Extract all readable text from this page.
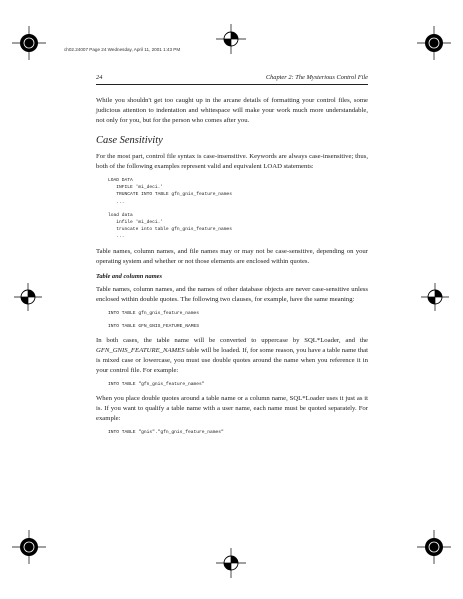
ch02.24007 Page 24 Wednesday, April 11, 2001 1:43 PM
24	Chapter 2: The Mysterious Control File

While you shouldn't get too caught up in the arcane details of formatting your control files, some judicious attention to indentation and whitespace will make your work much more understandable, not only for you, but for the person who comes after you.

Case Sensitivity

For the most part, control file syntax is case-insensitive. Keywords are always case-insensitive; thus, both of the following examples represent valid and equivalent LOAD statements:

LOAD DATA
INFILE 'mi_deci.'
TRUNCATE INTO TABLE gfn_gnis_feature_names
...
load data
infile 'mi_deci.'
truncate into table gfn_gnis_feature_names
...

Table names, column names, and file names may or may not be case-sensitive, depending on your operating system and whether or not those elements are enclosed within quotes.

Table and column names

Table names, column names, and the names of other database objects are never case-sensitive unless enclosed within double quotes. The following two clauses, for example, have the same meaning:

INTO TABLE gfn_gnis_feature_names
INTO TABLE GFN_GNIS_FEATURE_NAMES

In both cases, the table name will be converted to uppercase by SQL*Loader, and the GFN_GNIS_FEATURE_NAMES table will be loaded. If, for some reason, you have a table name that is mixed case or lowercase, you must use double quotes around the name when you reference it in your control file. For example:

INTO TABLE "gfn_gnis_feature_names"

When you place double quotes around a table name or a column name, SQL*Loader uses it just as it is. If you want to qualify a table name with a user name, each name must be quoted separately. For example:

INTO TABLE "gnis"."gfn_gnis_feature_names"
